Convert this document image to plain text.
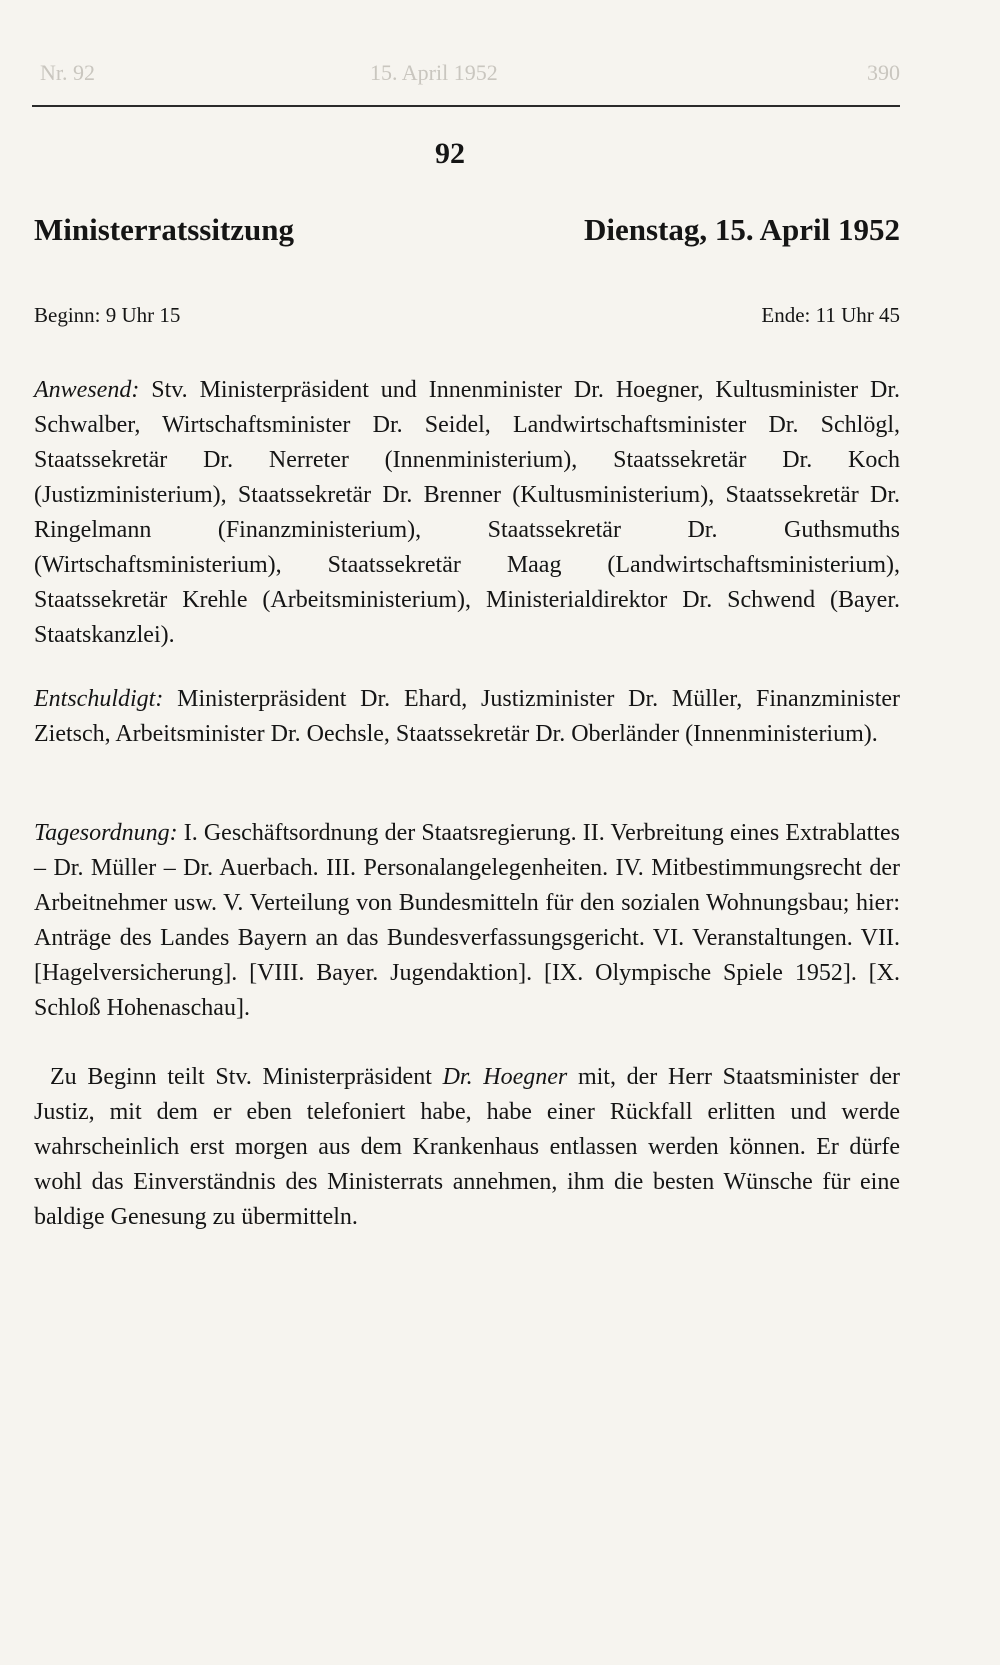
Nr. 92	15. April 1952	390
92
Ministerratssitzung	Dienstag, 15. April 1952
Beginn: 9 Uhr 15	Ende: 11 Uhr 45

Anwesend: Stv. Ministerpräsident und Innenminister Dr. Hoegner, Kultusminister Dr. Schwalber, Wirtschaftsminister Dr. Seidel, Landwirtschaftsminister Dr. Schlögl, Staatssekretär Dr. Nerreter (Innenministerium), Staatssekretär Dr. Koch (Justizministerium), Staatssekretär Dr. Brenner (Kultusministerium), Staatssekretär Dr. Ringelmann (Finanzministerium), Staatssekretär Dr. Guthsmuths (Wirtschaftsministerium), Staatssekretär Maag (Landwirtschaftsministerium), Staatssekretär Krehle (Arbeitsministerium), Ministerialdirektor Dr. Schwend (Bayer. Staatskanzlei).

Entschuldigt: Ministerpräsident Dr. Ehard, Justizminister Dr. Müller, Finanzminister Zietsch, Arbeitsminister Dr. Oechsle, Staatssekretär Dr. Oberländer (Innenministerium).

Tagesordnung: I. Geschäftsordnung der Staatsregierung. II. Verbreitung eines Extrablattes – Dr. Müller – Dr. Auerbach. III. Personalangelegenheiten. IV. Mitbestimmungsrecht der Arbeitnehmer usw. V. Verteilung von Bundesmitteln für den sozialen Wohnungsbau; hier: Anträge des Landes Bayern an das Bundesverfassungsgericht. VI. Veranstaltungen. VII. [Hagelversicherung]. [VIII. Bayer. Jugendaktion]. [IX. Olympische Spiele 1952]. [X. Schloß Hohenaschau].

Zu Beginn teilt Stv. Ministerpräsident Dr. Hoegner mit, der Herr Staatsminister der Justiz, mit dem er eben telefoniert habe, habe einer Rückfall erlitten und werde wahrscheinlich erst morgen aus dem Krankenhaus entlassen werden können. Er dürfe wohl das Einverständnis des Ministerrats annehmen, ihm die besten Wünsche für eine baldige Genesung zu übermitteln.
